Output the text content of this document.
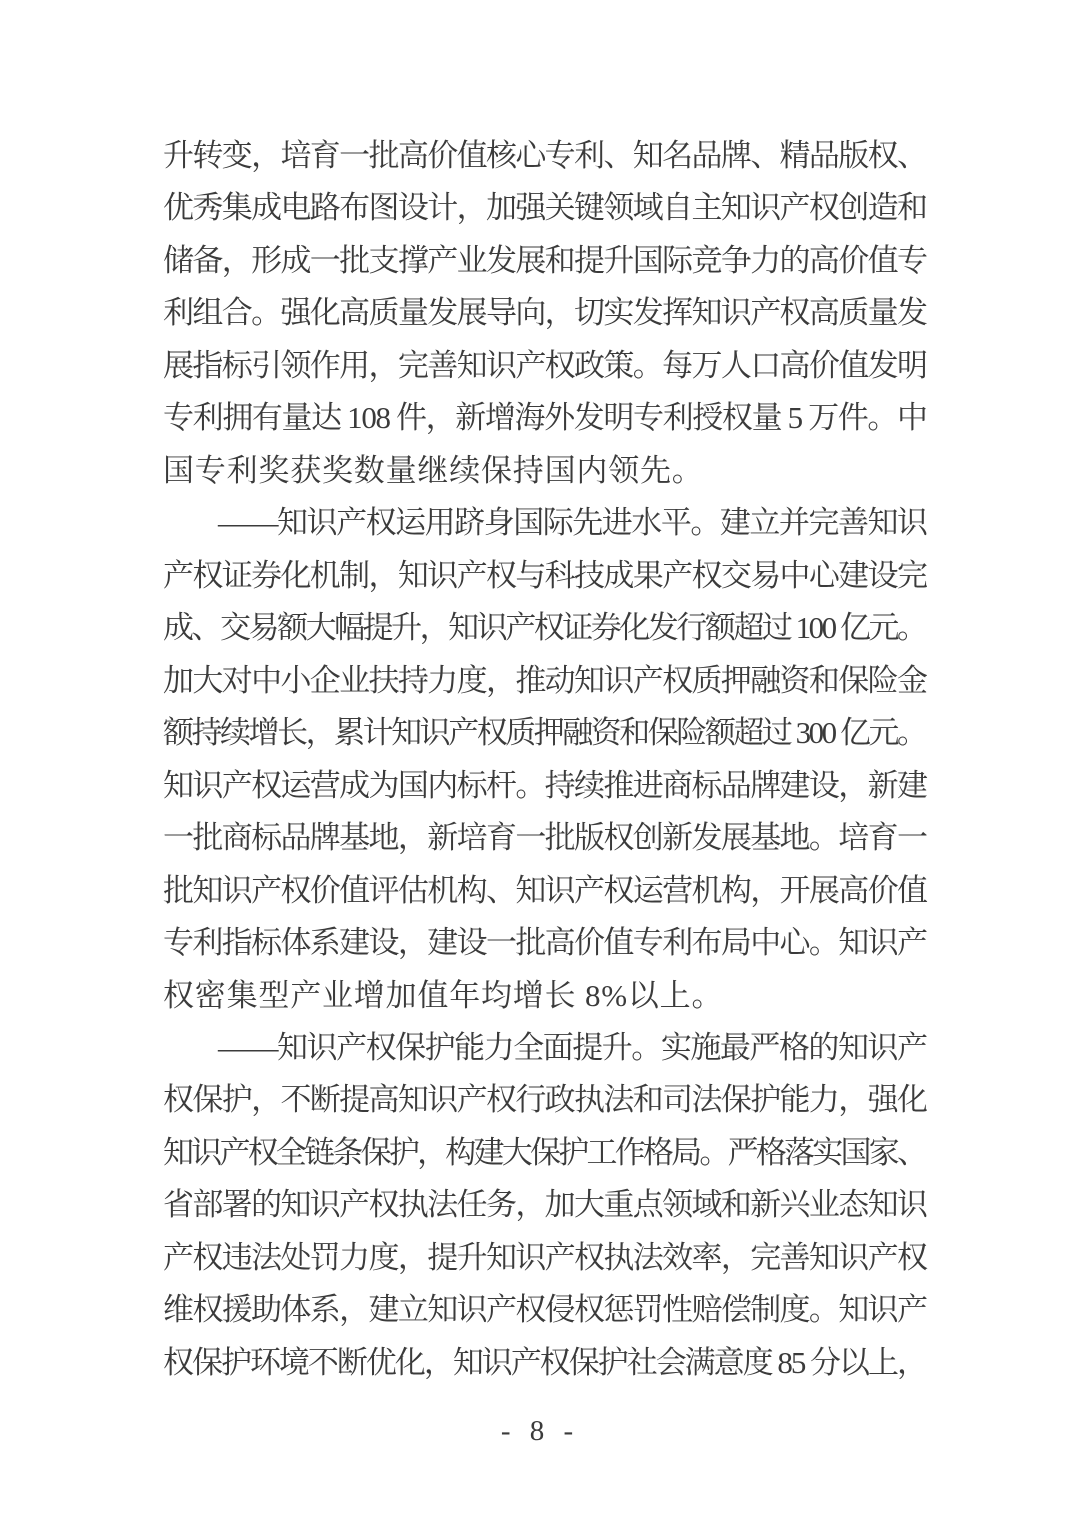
升转变，培育一批高价值核心专利、知名品牌、精品版权、
优秀集成电路布图设计，加强关键领域自主知识产权创造和
储备，形成一批支撑产业发展和提升国际竞争力的高价值专
利组合。强化高质量发展导向，切实发挥知识产权高质量发
展指标引领作用，完善知识产权政策。每万人口高价值发明
专利拥有量达 108 件，新增海外发明专利授权量 5 万件。中
国专利奖获奖数量继续保持国内领先。
——知识产权运用跻身国际先进水平。建立并完善知识
产权证券化机制，知识产权与科技成果产权交易中心建设完
成、交易额大幅提升，知识产权证券化发行额超过 100 亿元。
加大对中小企业扶持力度，推动知识产权质押融资和保险金
额持续增长，累计知识产权质押融资和保险额超过 300 亿元。
知识产权运营成为国内标杆。持续推进商标品牌建设，新建
一批商标品牌基地，新培育一批版权创新发展基地。培育一
批知识产权价值评估机构、知识产权运营机构，开展高价值
专利指标体系建设，建设一批高价值专利布局中心。知识产
权密集型产业增加值年均增长 8%以上。
——知识产权保护能力全面提升。实施最严格的知识产
权保护，不断提高知识产权行政执法和司法保护能力，强化
知识产权全链条保护，构建大保护工作格局。严格落实国家、
省部署的知识产权执法任务，加大重点领域和新兴业态知识
产权违法处罚力度，提升知识产权执法效率，完善知识产权
维权援助体系，建立知识产权侵权惩罚性赔偿制度。知识产
权保护环境不断优化，知识产权保护社会满意度 85 分以上，
- 8 -
